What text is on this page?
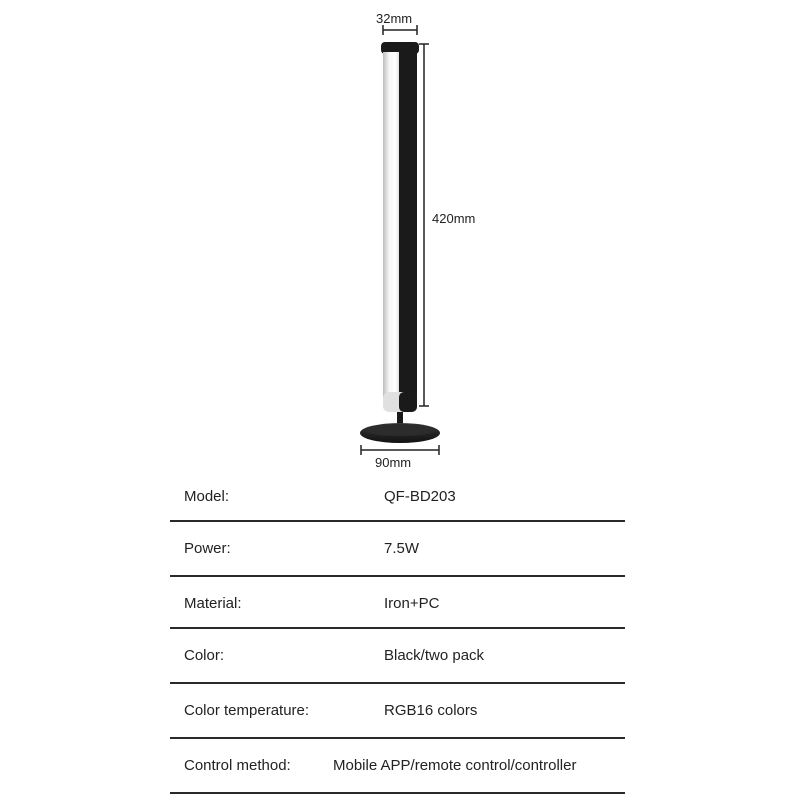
32mm
420mm
90mm
Model:	QF-BD203
Power:	7.5W
Material:	Iron+PC
Color:	Black/two pack
Color temperature:	RGB16 colors
Control method:	Mobile APP/remote control/controller
